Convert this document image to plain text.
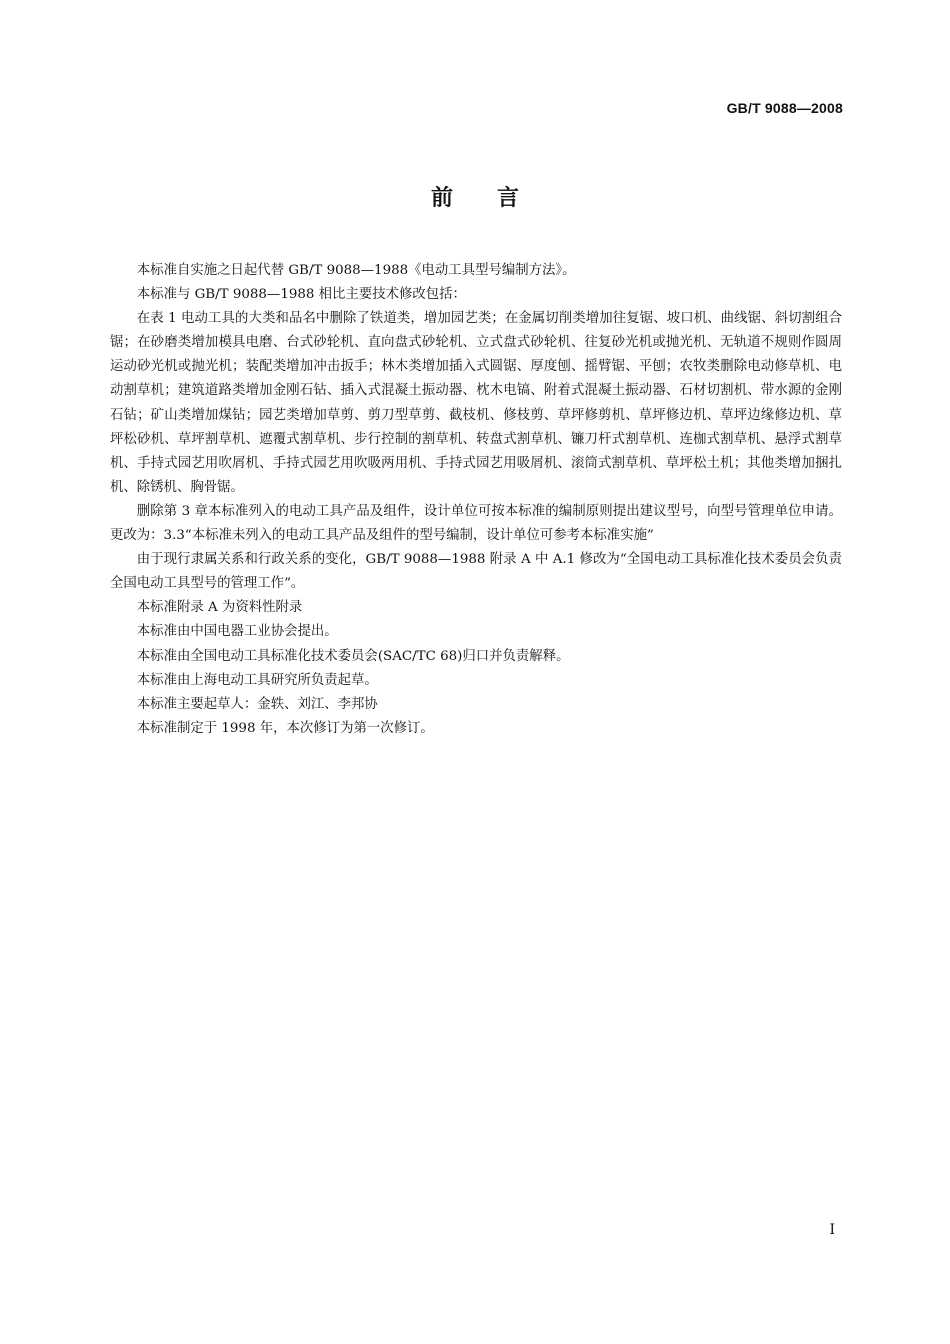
GB/T 9088—2008
前言

本标准自实施之日起代替 GB/T 9088—1988《电动工具型号编制方法》。

本标准与 GB/T 9088—1988 相比主要技术修改包括：

在表 1 电动工具的大类和品名中删除了铁道类，增加园艺类；在金属切削类增加往复锯、坡口机、曲线锯、斜切割组合锯；在砂磨类增加模具电磨、台式砂轮机、直向盘式砂轮机、立式盘式砂轮机、往复砂光机或抛光机、无轨道不规则作圆周运动砂光机或抛光机；装配类增加冲击扳手；林木类增加插入式圆锯、厚度刨、摇臂锯、平刨；农牧类删除电动修草机、电动割草机；建筑道路类增加金刚石钻、插入式混凝土振动器、枕木电镐、附着式混凝土振动器、石材切割机、带水源的金刚石钻；矿山类增加煤钻；园艺类增加草剪、剪刀型草剪、截枝机、修枝剪、草坪修剪机、草坪修边机、草坪边缘修边机、草坪松砂机、草坪割草机、遮覆式割草机、步行控制的割草机、转盘式割草机、镰刀杆式割草机、连枷式割草机、悬浮式割草机、手持式园艺用吹屑机、手持式园艺用吹吸两用机、手持式园艺用吸屑机、滚筒式割草机、草坪松土机；其他类增加捆扎机、除锈机、胸骨锯。

删除第 3 章本标准列入的电动工具产品及组件，设计单位可按本标准的编制原则提出建议型号，向型号管理单位申请。更改为：3.3“本标准未列入的电动工具产品及组件的型号编制，设计单位可参考本标准实施”

由于现行隶属关系和行政关系的变化，GB/T 9088—1988 附录 A 中 A.1 修改为“全国电动工具标准化技术委员会负责全国电动工具型号的管理工作”。

本标准附录 A 为资料性附录

本标准由中国电器工业协会提出。

本标准由全国电动工具标准化技术委员会(SAC/TC 68)归口并负责解释。

本标准由上海电动工具研究所负责起草。

本标准主要起草人：金轶、刘江、李邦协

本标准制定于 1998 年，本次修订为第一次修订。

I
